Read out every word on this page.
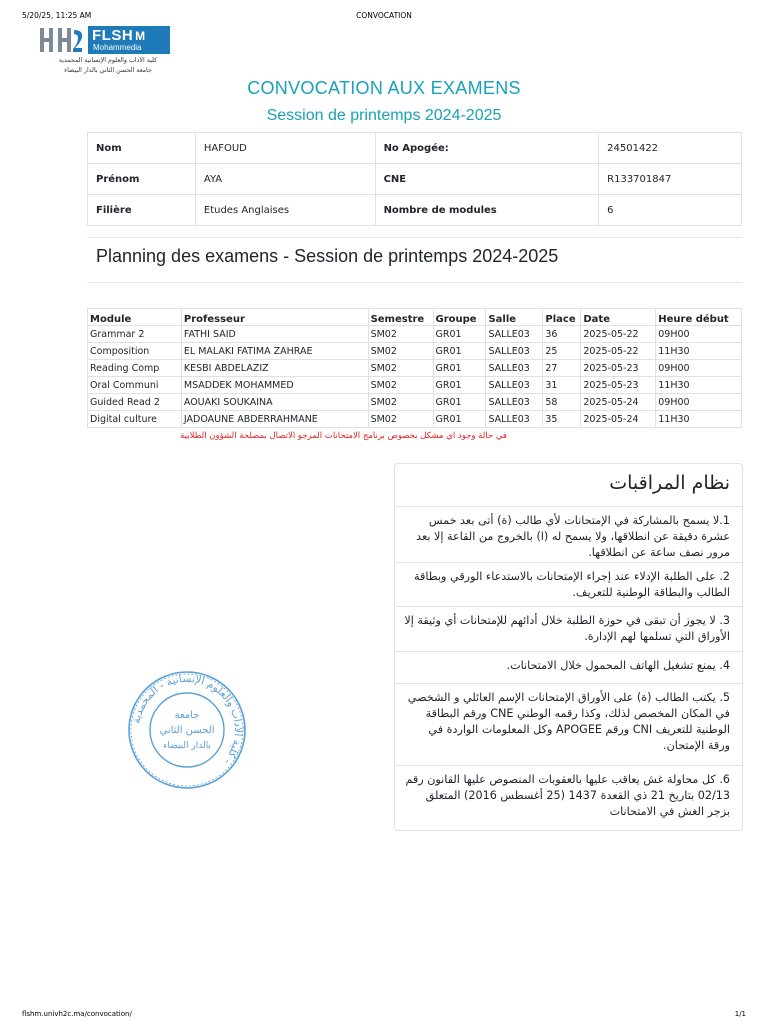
5/20/25, 11:25 AM	CONVOCATION
FLSH M
Mohammedia
كلية الآداب والعلوم الإنسانية المحمدية
جامعة الحسن الثاني بالدار البيضاء
CONVOCATION AUX EXAMENS
Session de printemps 2024-2025
Nom	HAFOUD	No Apogée:	24501422
Prénom	AYA	CNE	R133701847
Filière	Etudes Anglaises	Nombre de modules	6
Planning des examens - Session de printemps 2024-2025
Module	Professeur	Semestre	Groupe	Salle	Place	Date	Heure début
Grammar 2	FATHI SAID	SM02	GR01	SALLE03	36	2025-05-22	09H00
Composition	EL MALAKI FATIMA ZAHRAE	SM02	GR01	SALLE03	25	2025-05-22	11H30
Reading Comp	KESBI ABDELAZIZ	SM02	GR01	SALLE03	27	2025-05-23	09H00
Oral Communi	MSADDEK MOHAMMED	SM02	GR01	SALLE03	31	2025-05-23	11H30
Guided Read 2	AOUAKI SOUKAINA	SM02	GR01	SALLE03	58	2025-05-24	09H00
Digital culture	JADOAUNE ABDERRAHMANE	SM02	GR01	SALLE03	35	2025-05-24	11H30
في حالة وجود اي مشكل بخصوص برنامج الامتحانات المرجو الاتصال بمصلحة الشؤون الطلابية
كلية الآداب والعلوم الإنسانية - المحمدية -
جامعة
الحسن الثاني
بالدار البيضاء
نظام المراقبات
1.لا يسمح بالمشاركة في الإمتحانات لأي طالب (ة) أتى بعد خمس عشرة دقيقة عن انطلاقها، ولا يسمح له (ا) بالخروج من القاعة إلا بعد مرور نصف ساعة عن انطلاقها.
2. على الطلبة الإدلاء عند إجراء الإمتحانات بالاستدعاء الورقي وبطاقة الطالب والبطاقة الوطنية للتعريف.
3. لا يجوز أن تبقى في حوزة الطلبة خلال أدائهم للإمتحانات أي وثيقة إلا الأوراق التي تسلمها لهم الإدارة.
4. يمنع تشغيل الهاتف المحمول خلال الامتحانات.
5. يكتب الطالب (ة) على الأوراق الإمتحانات الإسم العائلي و الشخصي في المكان المخصص لذلك، وكذا رقمه الوطني CNE ورقم البطاقة الوطنية للتعريف CNI ورقم APOGEE وكل المعلومات الواردة في ورقة الإمتحان.
6. كل محاولة غش يعاقب عليها بالعقوبات المنصوص عليها القانون رقم 02/13 بتاريخ 21 ذي القعدة 1437 (25 أغسطس 2016) المتعلق بزجر الغش في الامتحانات
flshm.univh2c.ma/convocation/	1/1
